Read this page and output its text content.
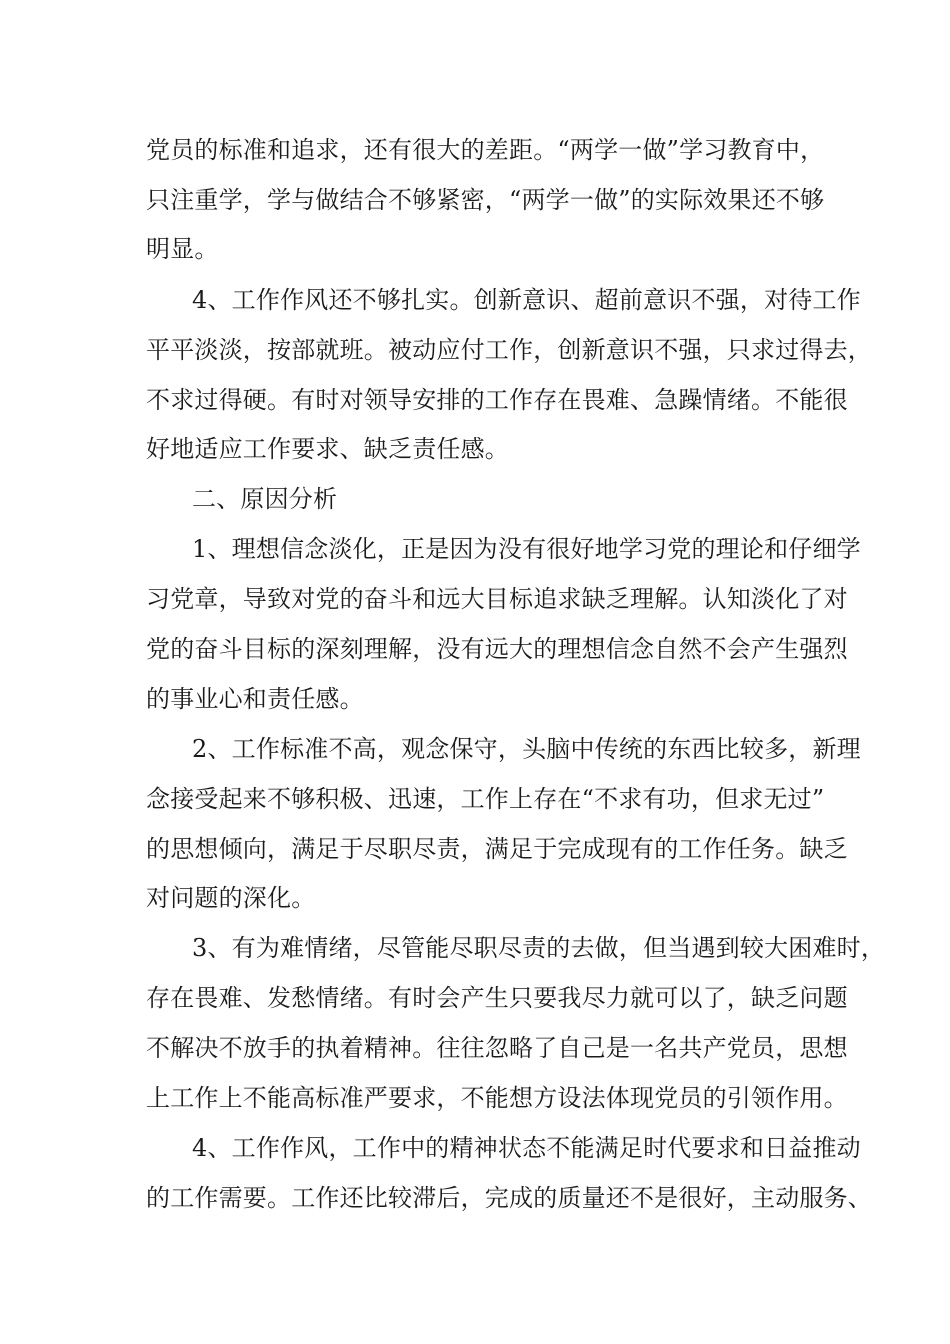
党员的标准和追求，还有很大的差距。“两学一做”学习教育中，
只注重学，学与做结合不够紧密，“两学一做”的实际效果还不够
明显。
4、工作作风还不够扎实。创新意识、超前意识不强，对待工作
平平淡淡，按部就班。被动应付工作，创新意识不强，只求过得去，
不求过得硬。有时对领导安排的工作存在畏难、急躁情绪。不能很
好地适应工作要求、缺乏责任感。
二、原因分析
1、理想信念淡化，正是因为没有很好地学习党的理论和仔细学
习党章，导致对党的奋斗和远大目标追求缺乏理解。认知淡化了对
党的奋斗目标的深刻理解，没有远大的理想信念自然不会产生强烈
的事业心和责任感。
2、工作标准不高，观念保守，头脑中传统的东西比较多，新理
念接受起来不够积极、迅速，工作上存在“不求有功，但求无过”
的思想倾向，满足于尽职尽责，满足于完成现有的工作任务。缺乏
对问题的深化。
3、有为难情绪，尽管能尽职尽责的去做，但当遇到较大困难时，
存在畏难、发愁情绪。有时会产生只要我尽力就可以了，缺乏问题
不解决不放手的执着精神。往往忽略了自己是一名共产党员，思想
上工作上不能高标准严要求，不能想方设法体现党员的引领作用。
4、工作作风，工作中的精神状态不能满足时代要求和日益推动
的工作需要。工作还比较滞后，完成的质量还不是很好，主动服务、
